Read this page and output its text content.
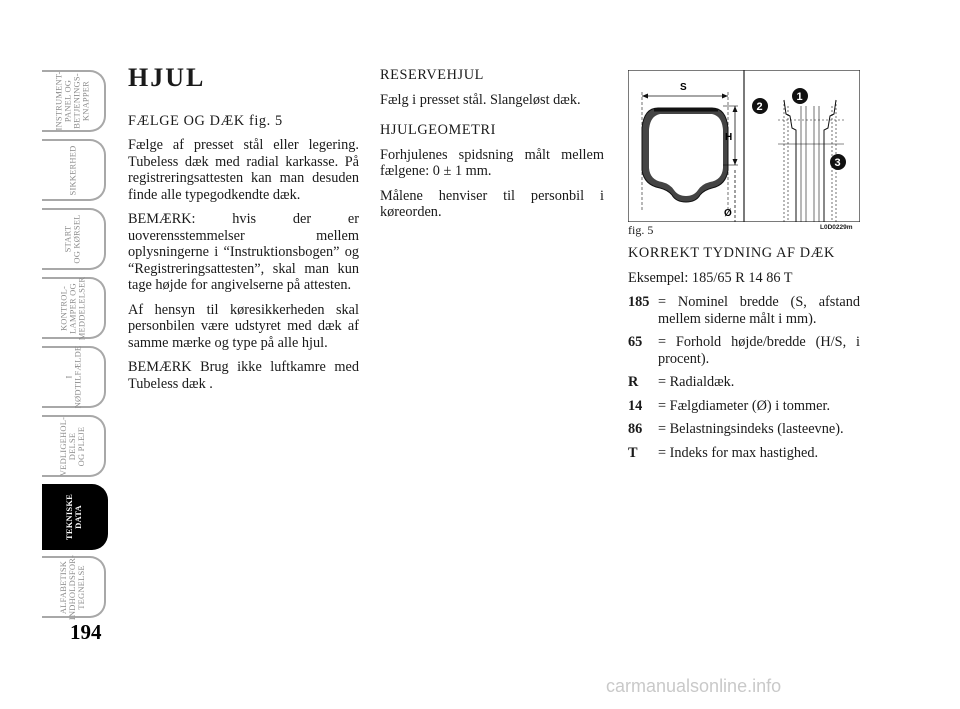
INSTRUMENT-
PANEL OG
BETJENINGS-
KNAPPER
SIKKERHED
START
OG KØRSEL
KONTROL-
LAMPER OG
MEDDELELSER
I
NØDTILFÆLDE
VEDLIGEHOL-
DELSE
OG PLEJE
TEKNISKE
DATA
ALFABETISK
INDHOLDSFOR-
TEGNELSE
194
HJUL
FÆLGE OG DÆK fig. 5

Fælge af presset stål eller legering. Tubeless dæk med radial karkasse. På registreringsattesten kan man desuden finde alle typegodkendte dæk.

BEMÆRK: hvis der er uoverensstemmelser mellem oplysningerne i “Instruktionsbogen” og “Registreringsattesten”, skal man kun tage højde for angivelserne på attesten.

Af hensyn til køresikkerheden skal personbilen være udstyret med dæk af samme mærke og type på alle hjul.

BEMÆRK Brug ikke luftkamre med Tubeless dæk .

RESERVEHJUL

Fælg i presset stål. Slangeløst dæk.

HJULGEOMETRI

Forhjulenes spidsning målt mellem fælgene: 0 ± 1 mm.

Målene henviser til personbil i køreorden.

S
H
Ø
1
2
3
fig. 5	L0D0229m
KORREKT TYDNING AF DÆK

Eksempel: 185/65 R 14 86 T

185 = Nominel bredde (S, afstand mellem siderne målt i mm).
65	= Forhold højde/bredde (H/S, i procent).
R	= Radialdæk.
14	= Fælgdiameter (Ø) i tommer.
86	= Belastningsindeks (lasteevne).
T	= Indeks for max hastighed.
carmanualsonline.info
